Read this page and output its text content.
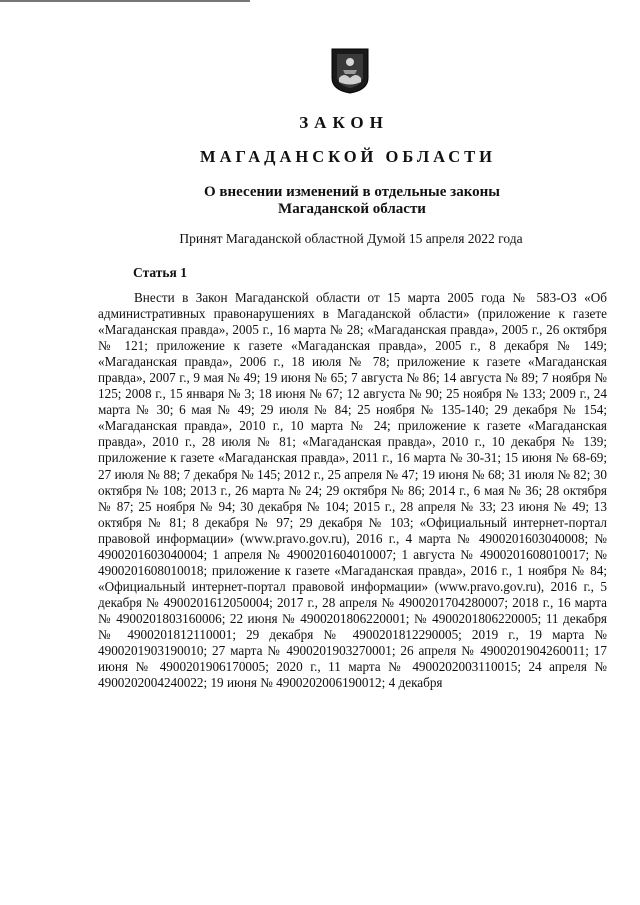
ЗАКОН
МАГАДАНСКОЙ ОБЛАСТИ
О внесении изменений в отдельные законы
Магаданской области
Принят Магаданской областной Думой 15 апреля 2022 года
Статья 1

Внести в Закон Магаданской области от 15 марта 2005 года № 583-ОЗ «Об административных правонарушениях в Магаданской области» (приложение к газете «Магаданская правда», 2005 г., 16 марта № 28; «Магаданская правда», 2005 г., 26 октября № 121; приложение к газете «Магаданская правда», 2005 г., 8 декабря № 149; «Магаданская правда», 2006 г., 18 июля № 78; приложение к газете «Магаданская правда», 2007 г., 9 мая № 49; 19 июня № 65; 7 августа № 86; 14 августа № 89; 7 ноября № 125; 2008 г., 15 января № 3; 18 июня № 67; 12 августа № 90; 25 ноября № 133; 2009 г., 24 марта № 30; 6 мая № 49; 29 июля № 84; 25 ноября № 135-140; 29 декабря № 154; «Магаданская правда», 2010 г., 10 марта № 24; приложение к газете «Магаданская правда», 2010 г., 28 июля № 81; «Магаданская правда», 2010 г., 10 декабря № 139; приложение к газете «Магаданская правда», 2011 г., 16 марта № 30-31; 15 июня № 68-69; 27 июля № 88; 7 декабря № 145; 2012 г., 25 апреля № 47; 19 июня № 68; 31 июля № 82; 30 октября № 108; 2013 г., 26 марта № 24; 29 октября № 86; 2014 г., 6 мая № 36; 28 октября № 87; 25 ноября № 94; 30 декабря № 104; 2015 г., 28 апреля № 33; 23 июня № 49; 13 октября № 81; 8 декабря № 97; 29 декабря № 103; «Официальный интернет-портал правовой информации» (www.pravo.gov.ru), 2016 г., 4 марта № 4900201603040008; № 4900201603040004; 1 апреля № 4900201604010007; 1 августа № 4900201608010017; № 4900201608010018; приложение к газете «Магаданская правда», 2016 г., 1 ноября № 84; «Официальный интернет-портал правовой информации» (www.pravo.gov.ru), 2016 г., 5 декабря № 4900201612050004; 2017 г., 28 апреля № 4900201704280007; 2018 г., 16 марта № 4900201803160006; 22 июня № 4900201806220001; № 4900201806220005; 11 декабря № 4900201812110001; 29 декабря № 4900201812290005; 2019 г., 19 марта № 4900201903190010; 27 марта № 4900201903270001; 26 апреля № 4900201904260011; 17 июня № 4900201906170005; 2020 г., 11 марта № 4900202003110015; 24 апреля № 4900202004240022; 19 июня № 4900202006190012; 4 декабря
